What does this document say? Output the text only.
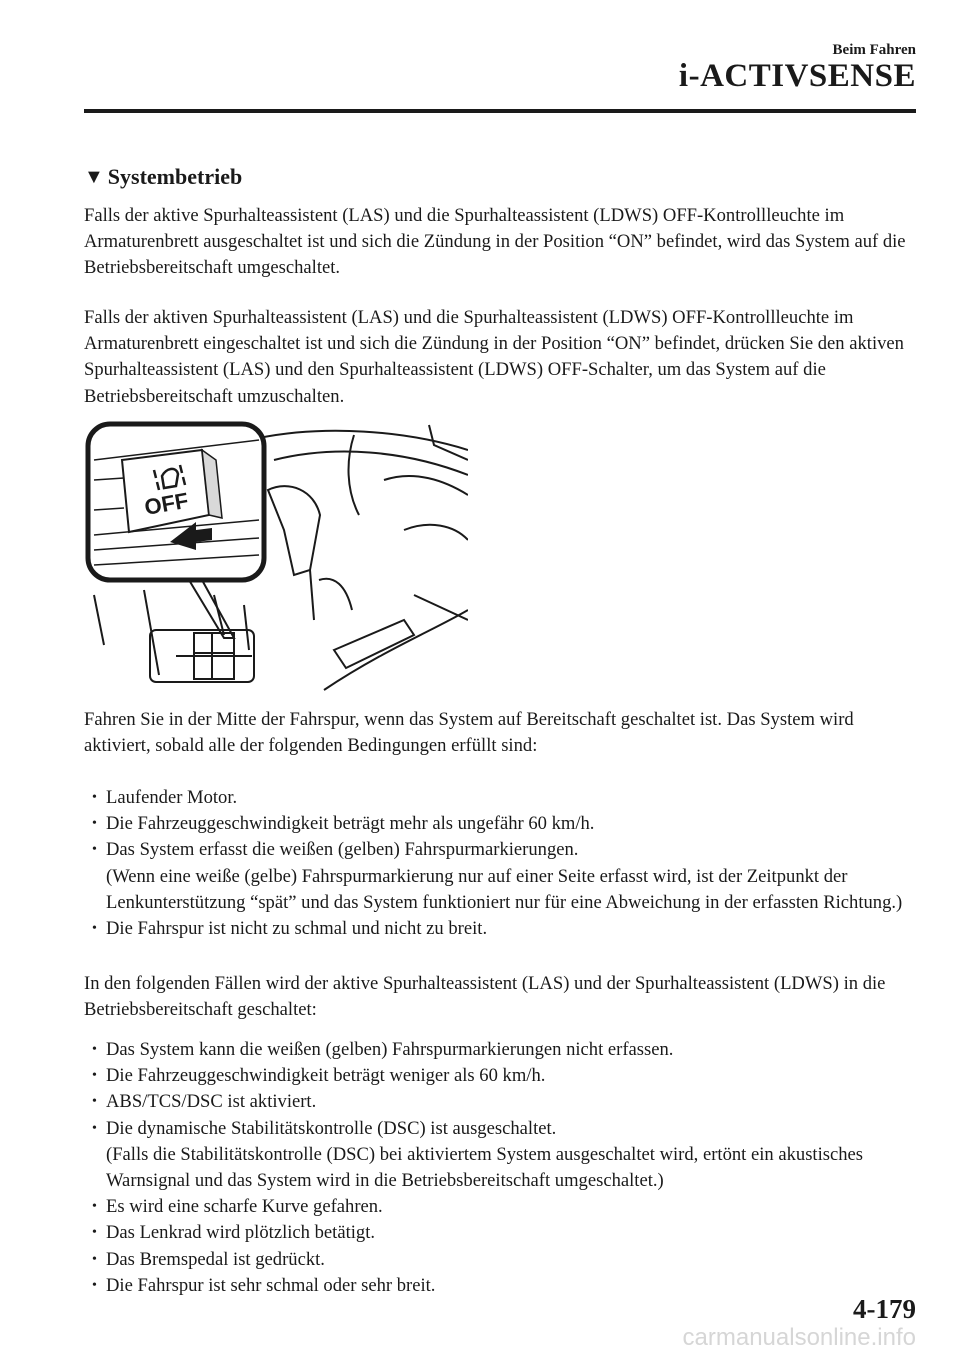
Beim Fahren
i-ACTIVSENSE
▼ Systembetrieb

Falls der aktive Spurhalteassistent (LAS) und die Spurhalteassistent (LDWS) OFF-Kontrollleuchte im Armaturenbrett ausgeschaltet ist und sich die Zündung in der Position “ON” befindet, wird das System auf die Betriebsbereitschaft umgeschaltet.

Falls der aktiven Spurhalteassistent (LAS) und die Spurhalteassistent (LDWS) OFF-Kontrollleuchte im Armaturenbrett eingeschaltet ist und sich die Zündung in der Position “ON” befindet, drücken Sie den aktiven Spurhalteassistent (LAS) und den Spurhalteassistent (LDWS) OFF-Schalter, um das System auf die Betriebsbereitschaft umzuschalten.

OFF

Fahren Sie in der Mitte der Fahrspur, wenn das System auf Bereitschaft geschaltet ist. Das System wird aktiviert, sobald alle der folgenden Bedingungen erfüllt sind:

• Laufender Motor.
• Die Fahrzeuggeschwindigkeit beträgt mehr als ungefähr 60 km/h.
• Das System erfasst die weißen (gelben) Fahrspurmarkierungen.
(Wenn eine weiße (gelbe) Fahrspurmarkierung nur auf einer Seite erfasst wird, ist der Zeitpunkt der Lenkunterstützung “spät” und das System funktioniert nur für eine Abweichung in der erfassten Richtung.)
• Die Fahrspur ist nicht zu schmal und nicht zu breit.

In den folgenden Fällen wird der aktive Spurhalteassistent (LAS) und der Spurhalteassistent (LDWS) in die Betriebsbereitschaft geschaltet:

• Das System kann die weißen (gelben) Fahrspurmarkierungen nicht erfassen.
• Die Fahrzeuggeschwindigkeit beträgt weniger als 60 km/h.
• ABS/TCS/DSC ist aktiviert.
• Die dynamische Stabilitätskontrolle (DSC) ist ausgeschaltet.
(Falls die Stabilitätskontrolle (DSC) bei aktiviertem System ausgeschaltet wird, ertönt ein akustisches Warnsignal und das System wird in die Betriebsbereitschaft umgeschaltet.)
• Es wird eine scharfe Kurve gefahren.
• Das Lenkrad wird plötzlich betätigt.
• Das Bremspedal ist gedrückt.
• Die Fahrspur ist sehr schmal oder sehr breit.
4-179
carmanualsonline.info
